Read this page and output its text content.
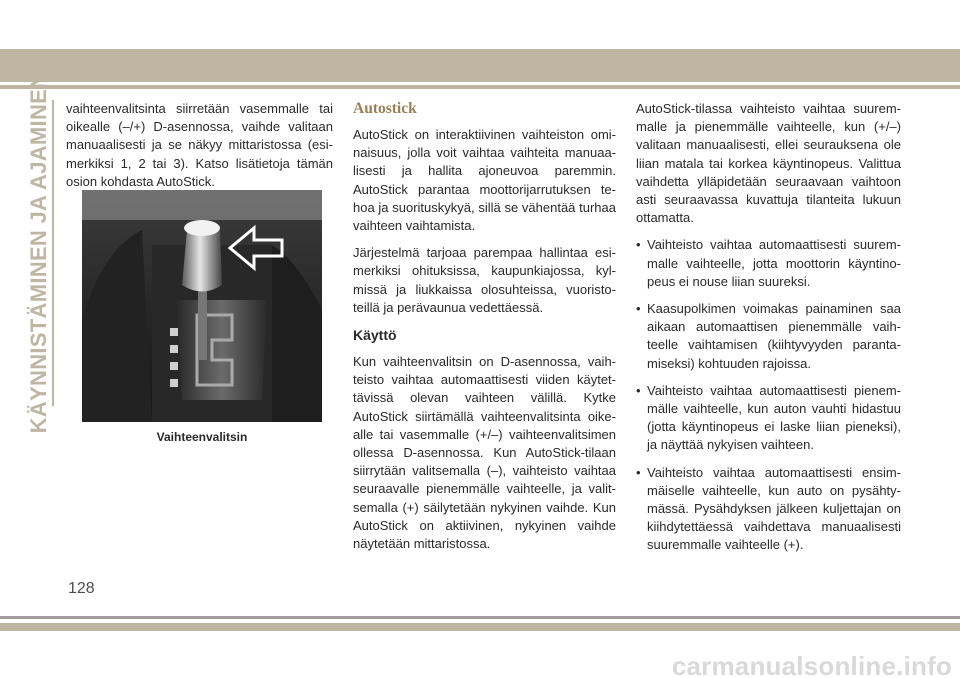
KÄYNNISTÄMINEN JA AJAMINEN vaihteenvalitsinta siirretään vasemmalle tai oikealle (–/+) D-asennossa, vaihde valitaan manuaalisesti ja se näkyy mittaristossa (esi-merkiksi 1, 2 tai 3). Katso lisätietoja tämän osion kohdasta AutoStick.

Vaihteenvalitsin
Autostick

AutoStick on interaktiivinen vaihteiston omi-naisuus, jolla voit vaihtaa vaihteita manuaa-lisesti ja hallita ajoneuvoa paremmin. AutoStick parantaa moottorijarrutuksen te-hoa ja suorituskykyä, sillä se vähentää turhaa vaihteen vaihtamista.

Järjestelmä tarjoaa parempaa hallintaa esi-merkiksi ohituksissa, kaupunkiajossa, kyl-missä ja liukkaissa olosuhteissa, vuoristo-teillä ja perävaunua vedettäessä.

Käyttö

Kun vaihteenvalitsin on D-asennossa, vaih-teisto vaihtaa automaattisesti viiden käytet-tävissä olevan vaihteen välillä. Kytke AutoStick siirtämällä vaihteenvalitsinta oike-alle tai vasemmalle (+/–) vaihteenvalitsimen ollessa D-asennossa. Kun AutoStick-tilaan siirrytään valitsemalla (–), vaihteisto vaihtaa seuraavalle pienemmälle vaihteelle, ja valit-semalla (+) säilytetään nykyinen vaihde. Kun AutoStick on aktiivinen, nykyinen vaihde näytetään mittaristossa.

AutoStick-tilassa vaihteisto vaihtaa suurem-malle ja pienemmälle vaihteelle, kun (+/–) valitaan manuaalisesti, ellei seurauksena ole liian matala tai korkea käyntinopeus. Valittua vaihdetta ylläpidetään seuraavaan vaihtoon asti seuraavassa kuvattuja tilanteita lukuun ottamatta.

• Vaihteisto vaihtaa automaattisesti suurem-malle vaihteelle, jotta moottorin käyntino-peus ei nouse liian suureksi.
• Kaasupolkimen voimakas painaminen saa aikaan automaattisen pienemmälle vaih-teelle vaihtamisen (kiihtyvyyden paranta-miseksi) kohtuuden rajoissa.
• Vaihteisto vaihtaa automaattisesti pienem-mälle vaihteelle, kun auton vauhti hidastuu (jotta käyntinopeus ei laske liian pieneksi), ja näyttää nykyisen vaihteen.
• Vaihteisto vaihtaa automaattisesti ensim-mäiselle vaihteelle, kun auto on pysähty-mässä. Pysähdyksen jälkeen kuljettajan on kiihdytettäessä vaihdettava manuaalisesti suuremmalle vaihteelle (+).
128
carmanualsonline.info
